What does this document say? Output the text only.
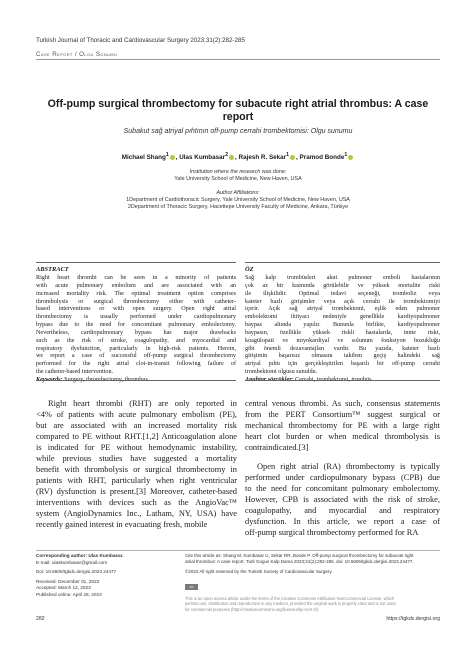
Turkish Journal of Thoracic and Cardiovascular Surgery 2023;31(2):282-285
Case Report / Olgu Sunumu
Off-pump surgical thrombectomy for subacute right atrial thrombus: A case report
Subakut sağ atriyal pıhtının off-pump cerrahi trombektomisi: Olgu sunumu
Michael Shang$^1$ , Ulas Kumbasar$^2$ , Rajesh R. Sekar$^1$ , Pramod Bonde$^1$
Institution where the research was done:
Yale University School of Medicine, New Haven, USA
Author Affiliations:
1Department of Cardiothoracic Surgery, Yale University School of Medicine, New Haven, USA
2Department of Thoracic Surgery, Hacettepe University Faculty of Medicine, Ankara, Türkiye
ABSTRACT
Right heart thrombi can be seen in a minority of patients
with acute pulmonary embolism and are associated with an
increased mortality risk. The optimal treatment option comprises
thrombolysis or surgical thrombectomy either with catheter-
based interventions or with open surgery. Open right atrial
thrombectomy is usually performed under cardiopulmonary
bypass due to the need for concomitant pulmonary embolectomy.
Nevertheless, cardiopulmonary bypass has major drawbacks
such as the risk of stroke, coagulopathy, and myocardial and
respiratory dysfunction, particularly in high-risk patients. Herein,
we report a case of successful off-pump surgical thrombectomy
performed for the right atrial clot-in-transit following failure of
the catheter-based intervention.
Keywords: Surgery, thrombectomy, thrombus.
ÖZ
Sağ kalp trombüsleri akut pulmoner emboli hastalarının
çok az bir kısmında görülebilir ve yüksek mortalite riski
ile ilişkilidir. Optimal tedavi seçeneği, tromboliz veya
kateter bazlı girişimler veya açık cerrahi ile trombektomiyi
içerir. Açık sağ atriyal trombektomi, eşlik eden pulmoner
embolektomi ihtiyacı nedeniyle genellikle kardiyopulmoner
baypas altında yapılır. Bununla birlikte, kardiyopulmoner
baypasın, özellikle yüksek riskli hastalarda, inme riski,
koagülopati ve miyokardiyal ve solunum fonksiyon bozukluğu
gibi önemli dezavantajları vardır. Bu yazıda, kateter bazlı
girişimin başarısız olmasını takiben geçiş halindeki sağ
atriyal pıhtı için gerçekleştirilen başarılı bir off-pump cerrahi
trombektomi olgusu sunuldu.
Anahtar sözcükler: Cerrahi, trombektomi, trombüs.
Right heart thrombi (RHT) are only reported in
<4% of patients with acute pulmonary embolism (PE),
but are associated with an increased mortality risk
compared to PE without RHT.[1,2] Anticoagulation alone
is indicated for PE without hemodynamic instability,
while previous studies have suggested a mortality
benefit with thrombolysis or surgical thrombectomy in
patients with RHT, particularly when right ventricular
(RV) dysfunction is present.[3] Moreover, catheter-based
interventions with devices such as the AngioVac™
system (AngioDynamics Inc., Latham, NY, USA) have
recently gained interest in evacuating fresh, mobile
central venous thrombi. As such, consensus statements
from the PERT Consortium™ suggest surgical or
mechanical thrombectomy for PE with a large right
heart clot burden or when medical thrombolysis is
contraindicated.[3]
Open right atrial (RA) thrombectomy is typically
performed under cardiopulmonary bypass (CPB) due
to the need for concomitant pulmonary embolectomy.
However, CPB is associated with the risk of stroke,
coagulopathy, and myocardial and respiratory
dysfunction. In this article, we report a case of
off-pump surgical thrombectomy performed for RA
Corresponding author: Ulas Kumbasar.
E-mail: ulaskumbasar@gmail.com
Doi: 10.5606/tgkdc.dergisi.2023.24477
Received: December 01, 2022
Accepted: March 12, 2023
Published online: April 28, 2023
Cite this article as: Shang M, Kumbasar U, Sekar RR, Bonde P. Off-pump surgical thrombectomy for subacute right
atrial thrombus: A case report. Turk Gogus Kalp Dama 2023;31(2):282-285. doi: 10.5606/tgkdc.dergisi.2023.24477.
©2023 All right reserved by the Turkish Society of Cardiovascular Surgery.
cc
This is an open access article under the terms of the Creative Commons Attribution-NonCommercial License, which
permits use, distribution and reproduction in any medium, provided the original work is properly cited and is not used
for commercial purposes (http://creativecommons.org/licenses/by-nc/4.0/).
282	https://tgkdc.dergisi.org
